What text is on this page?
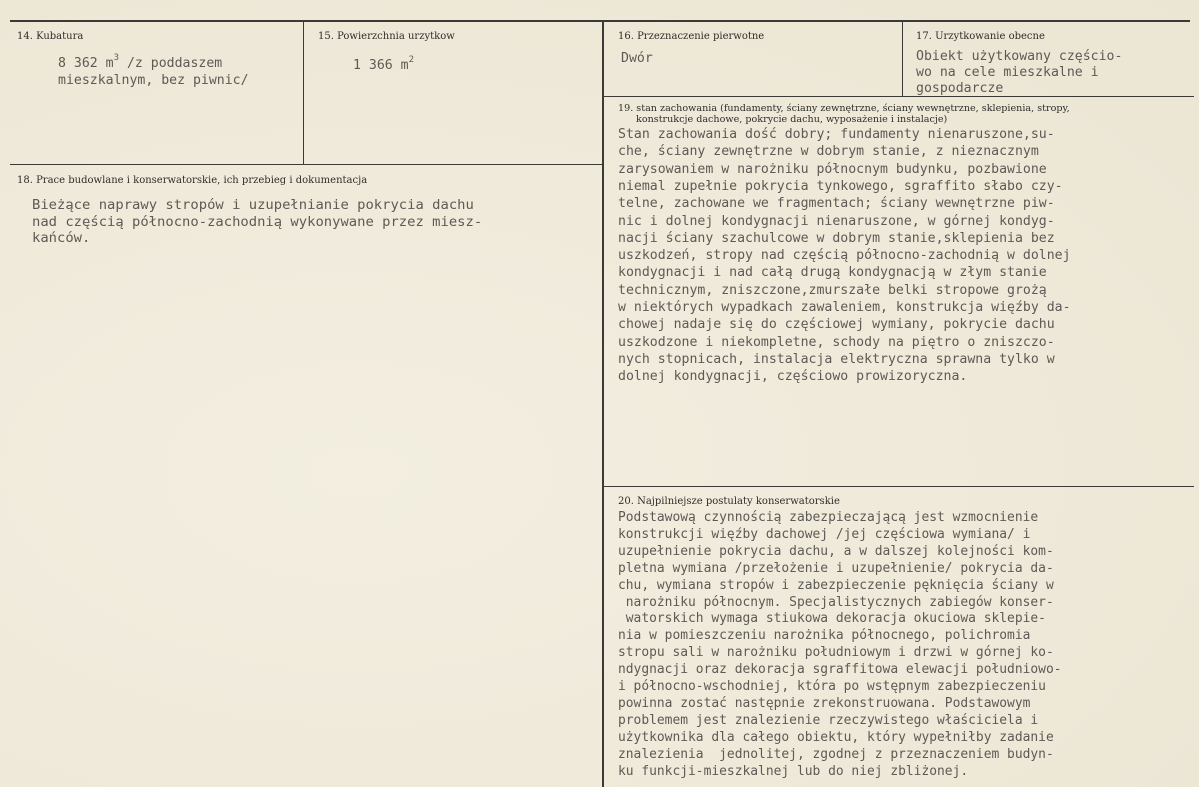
14. Kubatura
8 362 $m^3$ /z poddaszem
mieszkalnym, bez piwnic/
15. Powierzchnia urzytkow
1 366 $m^2$
16. Przeznaczenie pierwotne
Dwór
17. Urzytkowanie obecne
Obiekt użytkowany częścio-
wo na cele mieszkalne i
gospodarcze
18. Prace budowlane i konserwatorskie, ich przebieg i dokumentacja
Bieżące naprawy stropów i uzupełnianie pokrycia dachu
nad częścią północno-zachodnią wykonywane przez miesz-
kańców.
19. stan zachowania (fundamenty, ściany zewnętrzne, ściany wewnętrzne, sklepienia, stropy,
konstrukcje dachowe, pokrycie dachu, wyposażenie i instalacje)
Stan zachowania dość dobry; fundamenty nienaruszone,su-
che, ściany zewnętrzne w dobrym stanie, z nieznacznym
zarysowaniem w narożniku północnym budynku, pozbawione
niemal zupełnie pokrycia tynkowego, sgraffito słabo czy-
telne, zachowane we fragmentach; ściany wewnętrzne piw-
nic i dolnej kondygnacji nienaruszone, w górnej kondyg-
nacji ściany szachulcowe w dobrym stanie,sklepienia bez
uszkodzeń, stropy nad częścią północno-zachodnią w dolnej
kondygnacji i nad całą drugą kondygnacją w złym stanie
technicznym, zniszczone,zmurszałe belki stropowe grożą
w niektórych wypadkach zawaleniem, konstrukcja więźby da-
chowej nadaje się do częściowej wymiany, pokrycie dachu
uszkodzone i niekompletne, schody na piętro o zniszczo-
nych stopnicach, instalacja elektryczna sprawna tylko w
dolnej kondygnacji, częściowo prowizoryczna.
20. Najpilniejsze postulaty konserwatorskie
Podstawową czynnością zabezpieczającą jest wzmocnienie
konstrukcji więźby dachowej /jej częściowa wymiana/ i
uzupełnienie pokrycia dachu, a w dalszej kolejności kom-
pletna wymiana /przełożenie i uzupełnienie/ pokrycia da-
chu, wymiana stropów i zabezpieczenie pęknięcia ściany w
narożniku północnym. Specjalistycznych zabiegów konser-
watorskich wymaga stiukowa dekoracja okuciowa sklepie-
nia w pomieszczeniu narożnika północnego, polichromia
stropu sali w narożniku południowym i drzwi w górnej ko-
ndygnacji oraz dekoracja sgraffitowa elewacji południowo-
i północno-wschodniej, która po wstępnym zabezpieczeniu
powinna zostać następnie zrekonstruowana. Podstawowym
problemem jest znalezienie rzeczywistego właściciela i
użytkownika dla całego obiektu, który wypełniłby zadanie
znalezienia  jednolitej, zgodnej z przeznaczeniem budyn-
ku funkcji-mieszkalnej lub do niej zbliżonej.
